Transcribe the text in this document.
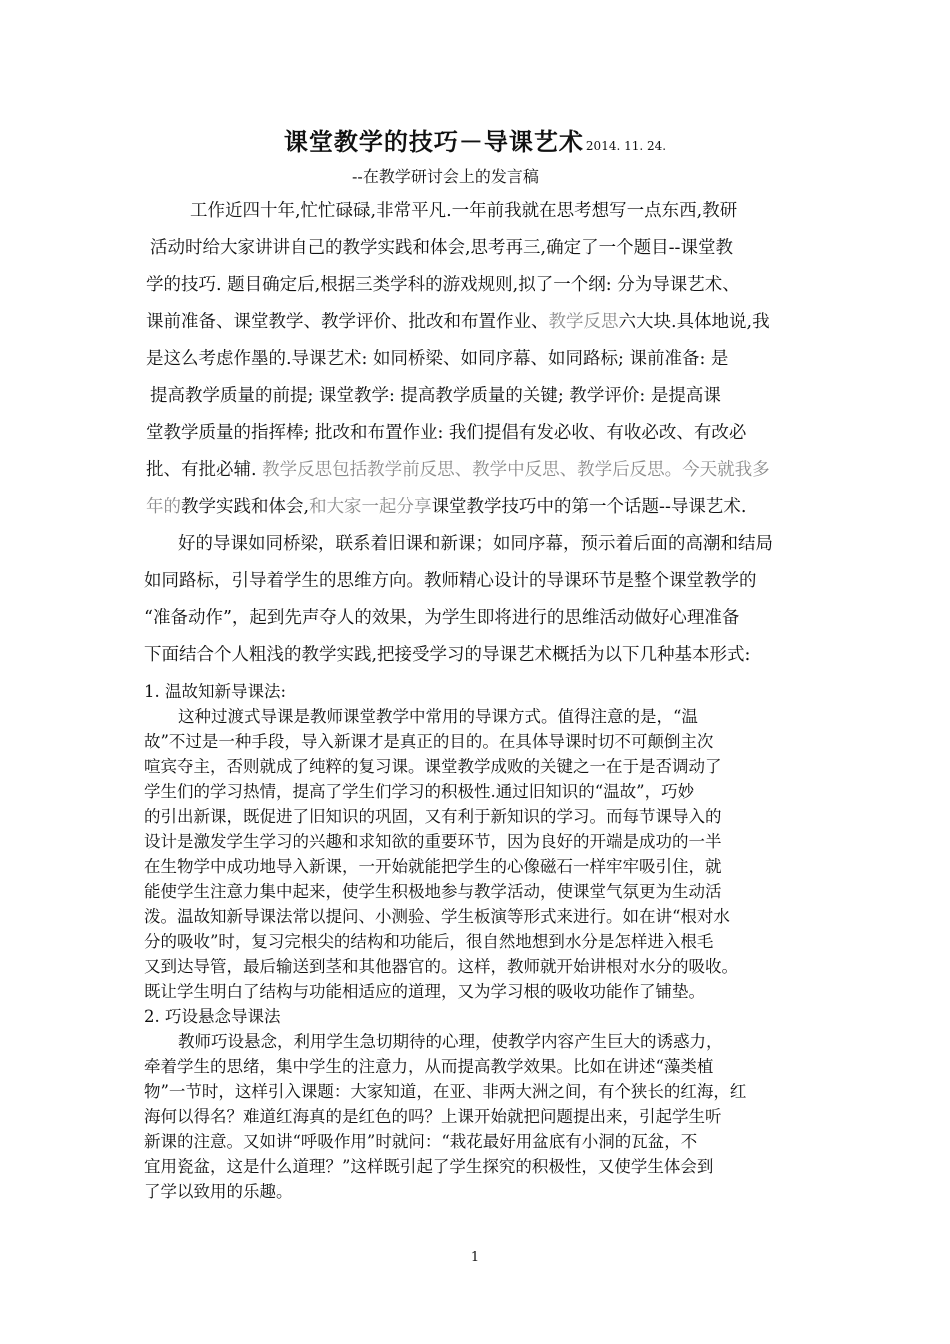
课堂教学的技巧－导课艺术 2014. 11. 24.
--在教学研讨会上的发言稿
工作近四十年,忙忙碌碌,非常平凡.一年前我就在思考想写一点东西,教研
活动时给大家讲讲自己的教学实践和体会,思考再三,确定了一个题目--课堂教
学的技巧. 题目确定后,根据三类学科的游戏规则,拟了一个纲: 分为导课艺术、
课前准备、课堂教学、教学评价、批改和布置作业、教学反思六大块.具体地说,我
是这么考虑作墨的.导课艺术: 如同桥梁、如同序幕、如同路标; 课前准备: 是
提高教学质量的前提; 课堂教学: 提高教学质量的关键; 教学评价: 是提高课
堂教学质量的指挥棒; 批改和布置作业: 我们提倡有发必收、有收必改、有改必
批、有批必辅. 教学反思包括教学前反思、教学中反思、教学后反思。今天就我多
年的教学实践和体会,和大家一起分享课堂教学技巧中的第一个话题--导课艺术.
好的导课如同桥梁，联系着旧课和新课；如同序幕，预示着后面的高潮和结局
如同路标，引导着学生的思维方向。教师精心设计的导课环节是整个课堂教学的
“准备动作”，起到先声夺人的效果，为学生即将进行的思维活动做好心理准备
下面结合个人粗浅的教学实践,把接受学习的导课艺术概括为以下几种基本形式:
1. 温故知新导课法:
这种过渡式导课是教师课堂教学中常用的导课方式。值得注意的是，“温
故”不过是一种手段，导入新课才是真正的目的。在具体导课时切不可颠倒主次
喧宾夺主，否则就成了纯粹的复习课。课堂教学成败的关键之一在于是否调动了
学生们的学习热情，提高了学生们学习的积极性.通过旧知识的“温故”，巧妙
的引出新课，既促进了旧知识的巩固，又有利于新知识的学习。而每节课导入的
设计是激发学生学习的兴趣和求知欲的重要环节，因为良好的开端是成功的一半
在生物学中成功地导入新课，一开始就能把学生的心像磁石一样牢牢吸引住，就
能使学生注意力集中起来，使学生积极地参与教学活动，使课堂气氛更为生动活
泼。温故知新导课法常以提问、小测验、学生板演等形式来进行。如在讲“根对水
分的吸收”时，复习完根尖的结构和功能后，很自然地想到水分是怎样进入根毛
又到达导管，最后输送到茎和其他器官的。这样，教师就开始讲根对水分的吸收。
既让学生明白了结构与功能相适应的道理，又为学习根的吸收功能作了铺垫。
2. 巧设悬念导课法
教师巧设悬念，利用学生急切期待的心理，使教学内容产生巨大的诱惑力，
牵着学生的思绪，集中学生的注意力，从而提高教学效果。比如在讲述“藻类植
物”一节时，这样引入课题：大家知道，在亚、非两大洲之间，有个狭长的红海，红
海何以得名？难道红海真的是红色的吗？上课开始就把问题提出来，引起学生听
新课的注意。又如讲“呼吸作用”时就问：“栽花最好用盆底有小洞的瓦盆，不
宜用瓷盆，这是什么道理？”这样既引起了学生探究的积极性，又使学生体会到
了学以致用的乐趣。
1
